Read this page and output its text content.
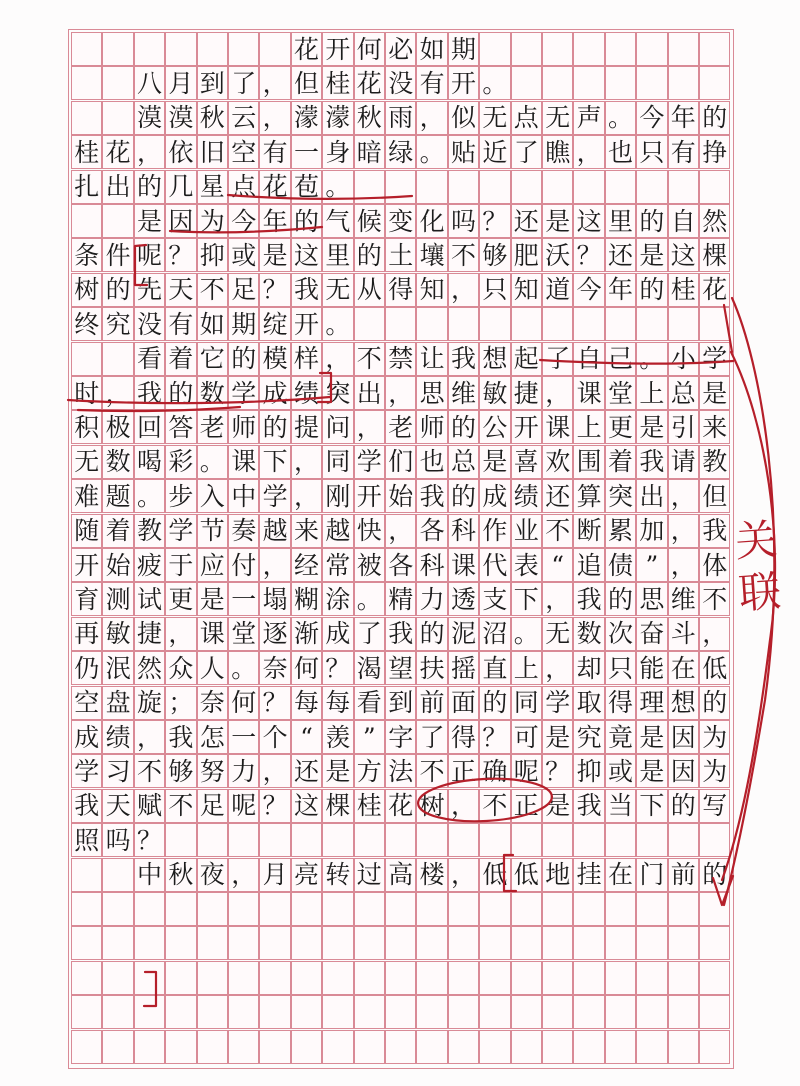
花 开 何 必 如 期
八 月 到 了 ， 但 桂 花 没 有 开 。
漠 漠 秋 云 ， 濛 濛 秋 雨 ， 似 无 点 无 声 。 今 年 的
桂 花 ， 依 旧 空 有 一 身 暗 绿 。 贴 近 了 瞧 ， 也 只 有 挣
扎 出 的 几 星 点 花 苞 。
是 因 为 今 年 的 气 候 变 化 吗 ？ 还 是 这 里 的 自 然
条 件 呢 ？ 抑 或 是 这 里 的 土 壤 不 够 肥 沃 ？ 还 是 这 棵
树 的 先 天 不 足 ？ 我 无 从 得 知 ， 只 知 道 今 年 的 桂 花
终 究 没 有 如 期 绽 开 。
看 着 它 的 模 样 ， 不 禁 让 我 想 起 了 自 己 。 小 学
时 ， 我 的 数 学 成 绩 突 出 ， 思 维 敏 捷 ， 课 堂 上 总 是
积 极 回 答 老 师 的 提 问 ， 老 师 的 公 开 课 上 更 是 引 来
无 数 喝 彩 。 课 下 ， 同 学 们 也 总 是 喜 欢 围 着 我 请 教
难 题 。 步 入 中 学 ， 刚 开 始 我 的 成 绩 还 算 突 出 ， 但
随 着 教 学 节 奏 越 来 越 快 ， 各 科 作 业 不 断 累 加 ， 我
开 始 疲 于 应 付 ， 经 常 被 各 科 课 代 表 “ 追 债 ” ， 体
育 测 试 更 是 一 塌 糊 涂 。 精 力 透 支 下 ， 我 的 思 维 不
再 敏 捷 ， 课 堂 逐 渐 成 了 我 的 泥 沼 。 无 数 次 奋 斗 ，
仍 泯 然 众 人 。 奈 何 ？ 渴 望 扶 摇 直 上 ， 却 只 能 在 低
空 盘 旋 ； 奈 何 ？ 每 每 看 到 前 面 的 同 学 取 得 理 想 的
成 绩 ， 我 怎 一 个 “ 羡 ” 字 了 得 ？ 可 是 究 竟 是 因 为
学 习 不 够 努 力 ， 还 是 方 法 不 正 确 呢 ？ 抑 或 是 因 为
我 天 赋 不 足 呢 ？ 这 棵 桂 花 树 ， 不 正 是 我 当 下 的 写
照 吗 ？
中 秋 夜 ， 月 亮 转 过 高 楼 ， 低 低 地 挂 在 门 前 的
关
联
